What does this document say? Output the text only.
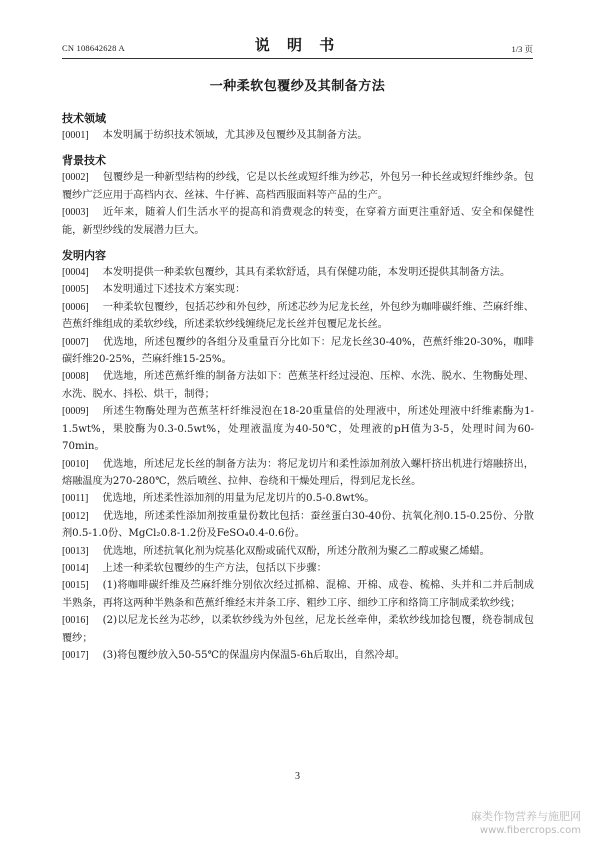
CN 108642628 A	说 明 书	1/3 页
一种柔软包覆纱及其制备方法
技术领域

[0001] 本发明属于纺织技术领域，尤其涉及包覆纱及其制备方法。

背景技术

[0002] 包覆纱是一种新型结构的纱线，它是以长丝或短纤维为纱芯，外包另一种长丝或短纤维纱条。包覆纱广泛应用于高档内衣、丝袜、牛仔裤、高档西服面料等产品的生产。

[0003] 近年来，随着人们生活水平的提高和消费观念的转变，在穿着方面更注重舒适、安全和保健性能，新型纱线的发展潜力巨大。

发明内容

[0004] 本发明提供一种柔软包覆纱，其具有柔软舒适，具有保健功能，本发明还提供其制备方法。

[0005] 本发明通过下述技术方案实现：

[0006] 一种柔软包覆纱，包括芯纱和外包纱，所述芯纱为尼龙长丝，外包纱为咖啡碳纤维、苎麻纤维、芭蕉纤维组成的柔软纱线，所述柔软纱线缠绕尼龙长丝并包覆尼龙长丝。

[0007] 优选地，所述包覆纱的各组分及重量百分比如下：尼龙长丝30-40%，芭蕉纤维20-30%，咖啡碳纤维20-25%，苎麻纤维15-25%。

[0008] 优选地，所述芭蕉纤维的制备方法如下：芭蕉茎杆经过浸泡、压榨、水洗、脱水、生物酶处理、水洗、脱水、抖松、烘干，制得；

[0009] 所述生物酶处理为芭蕉茎杆纤维浸泡在18-20重量倍的处理液中，所述处理液中纤维素酶为1-1.5wt%，果胶酶为0.3-0.5wt%，处理液温度为40-50℃，处理液的pH值为3-5，处理时间为60-70min。

[0010] 优选地，所述尼龙长丝的制备方法为：将尼龙切片和柔性添加剂放入螺杆挤出机进行熔融挤出，熔融温度为270-280℃，然后喷丝、拉伸、卷绕和干燥处理后，得到尼龙长丝。

[0011] 优选地，所述柔性添加剂的用量为尼龙切片的0.5-0.8wt%。

[0012] 优选地，所述柔性添加剂按重量份数比包括：蚕丝蛋白30-40份、抗氧化剂0.15-0.25份、分散剂0.5-1.0份、MgCl₂0.8-1.2份及FeSO₄0.4-0.6份。

[0013] 优选地，所述抗氧化剂为烷基化双酚或硫代双酚，所述分散剂为聚乙二醇或聚乙烯蜡。

[0014] 上述一种柔软包覆纱的生产方法，包括以下步骤：

[0015] (1)将咖啡碳纤维及苎麻纤维分别依次经过抓棉、混棉、开棉、成卷、梳棉、头并和二并后制成半熟条，再将这两种半熟条和芭蕉纤维经末并条工序、粗纱工序、细纱工序和络筒工序制成柔软纱线；

[0016] (2)以尼龙长丝为芯纱，以柔软纱线为外包丝，尼龙长丝牵伸，柔软纱线加捻包覆，绕卷制成包覆纱；

[0017] (3)将包覆纱放入50-55℃的保温房内保温5-6h后取出，自然冷却。

3
麻类作物营养与施肥网
www.fibercrops.com
